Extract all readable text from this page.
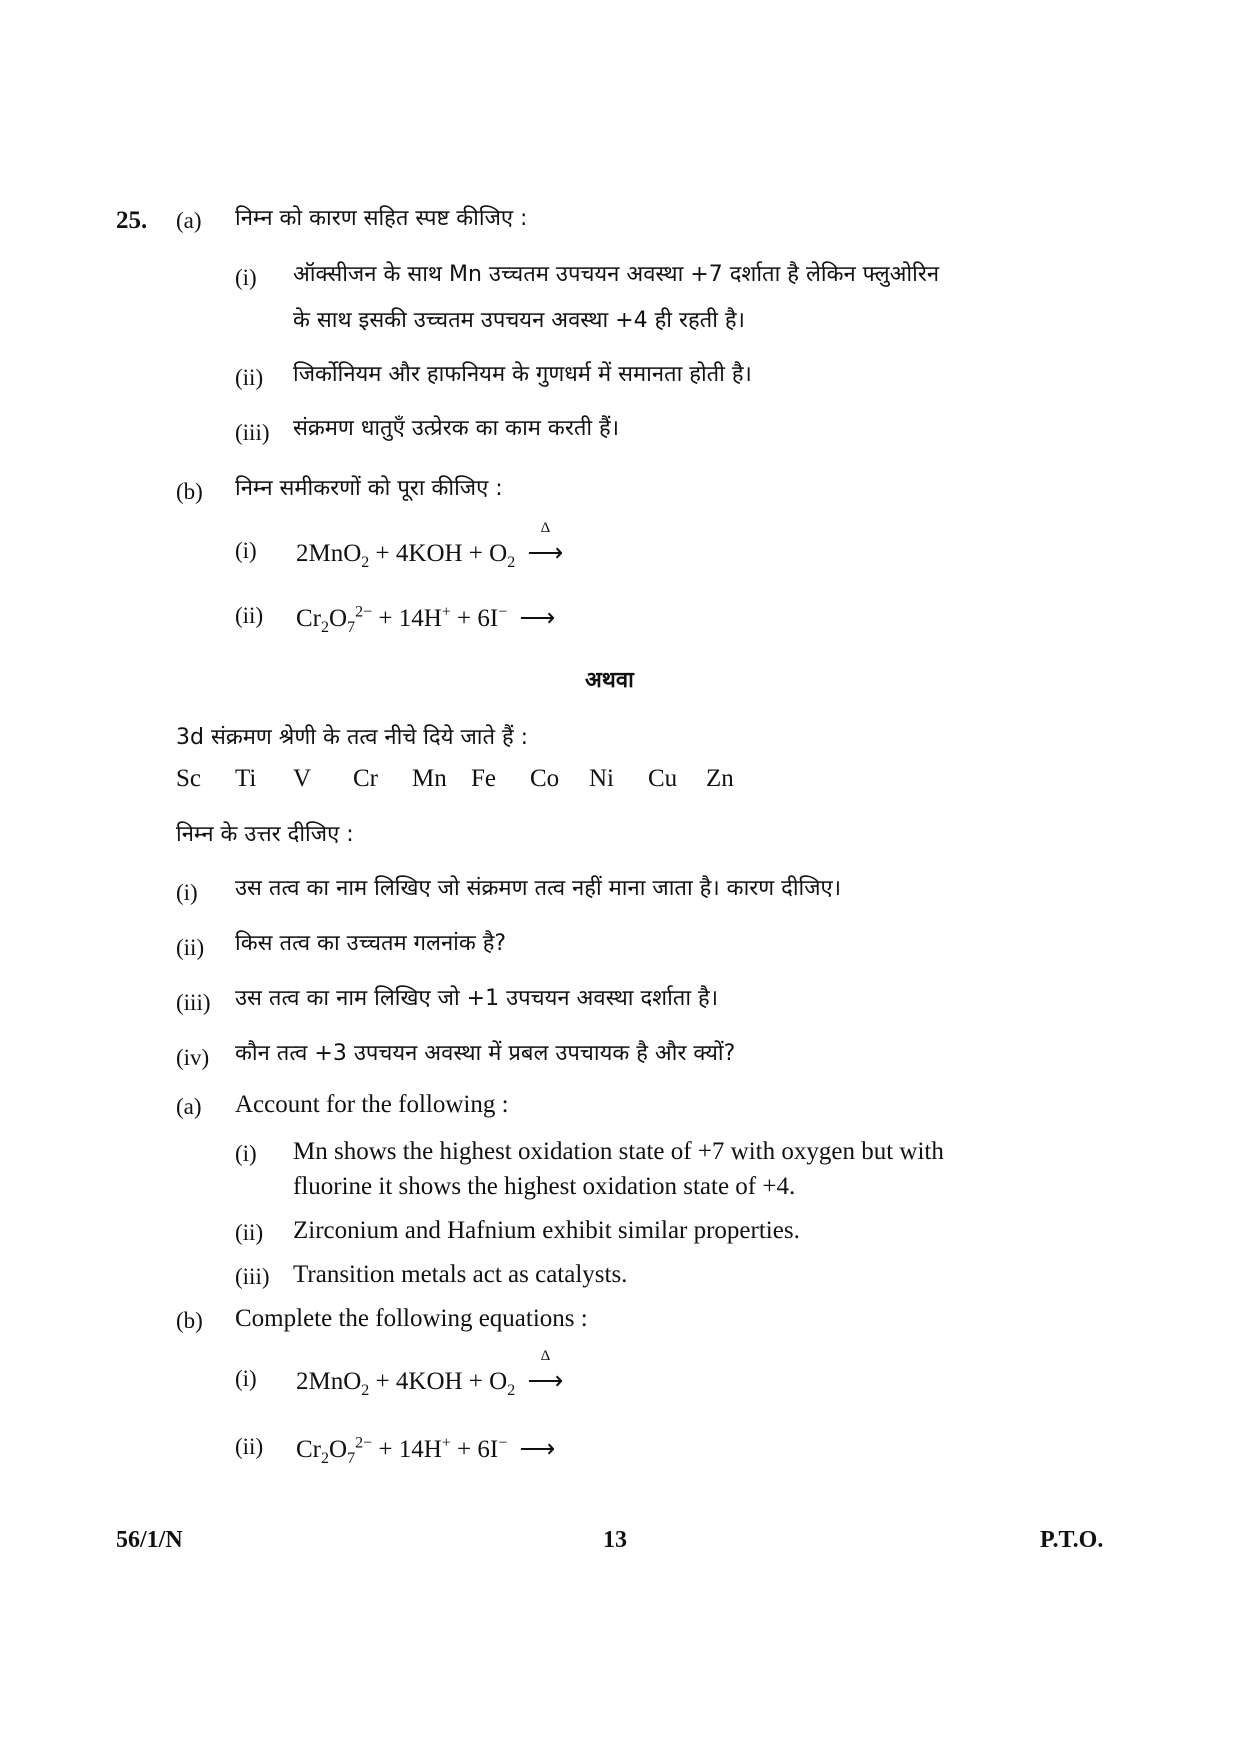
25. (a) निम्न को कारण सहित स्पष्ट कीजिए :
(i) ऑक्सीजन के साथ Mn उच्चतम उपचयन अवस्था +7 दर्शाता है लेकिन फ्लुओरिन
के साथ इसकी उच्चतम उपचयन अवस्था +4 ही रहती है।
(ii) जिर्कोनियम और हाफनियम के गुणधर्म में समानता होती है।
(iii) संक्रमण धातुएँ उत्प्रेरक का काम करती हैं।
(b) निम्न समीकरणों को पूरा कीजिए :
(i) $2MnO_2 + 4KOH + O_2$
Δ
⟶
(ii) $Cr_2O_7^{2-} + 14H^+ + 6I^-$ ⟶
अथवा
3d संक्रमण श्रेणी के तत्व नीचे दिये जाते हैं :
Sc Ti V Cr Mn Fe Co Ni Cu Zn
निम्न के उत्तर दीजिए :
(i) उस तत्व का नाम लिखिए जो संक्रमण तत्व नहीं माना जाता है। कारण दीजिए।
(ii) किस तत्व का उच्चतम गलनांक है?
(iii) उस तत्व का नाम लिखिए जो +1 उपचयन अवस्था दर्शाता है।
(iv) कौन तत्व +3 उपचयन अवस्था में प्रबल उपचायक है और क्यों?
(a) Account for the following :
(i) Mn shows the highest oxidation state of +7 with oxygen but with
fluorine it shows the highest oxidation state of +4.
(ii) Zirconium and Hafnium exhibit similar properties.
(iii) Transition metals act as catalysts.
(b) Complete the following equations :
(i) $2MnO_2 + 4KOH + O_2$
Δ
⟶
(ii) $Cr_2O_7^{2-} + 14H^+ + 6I^-$ ⟶
56/1/N	13	P.T.O.
